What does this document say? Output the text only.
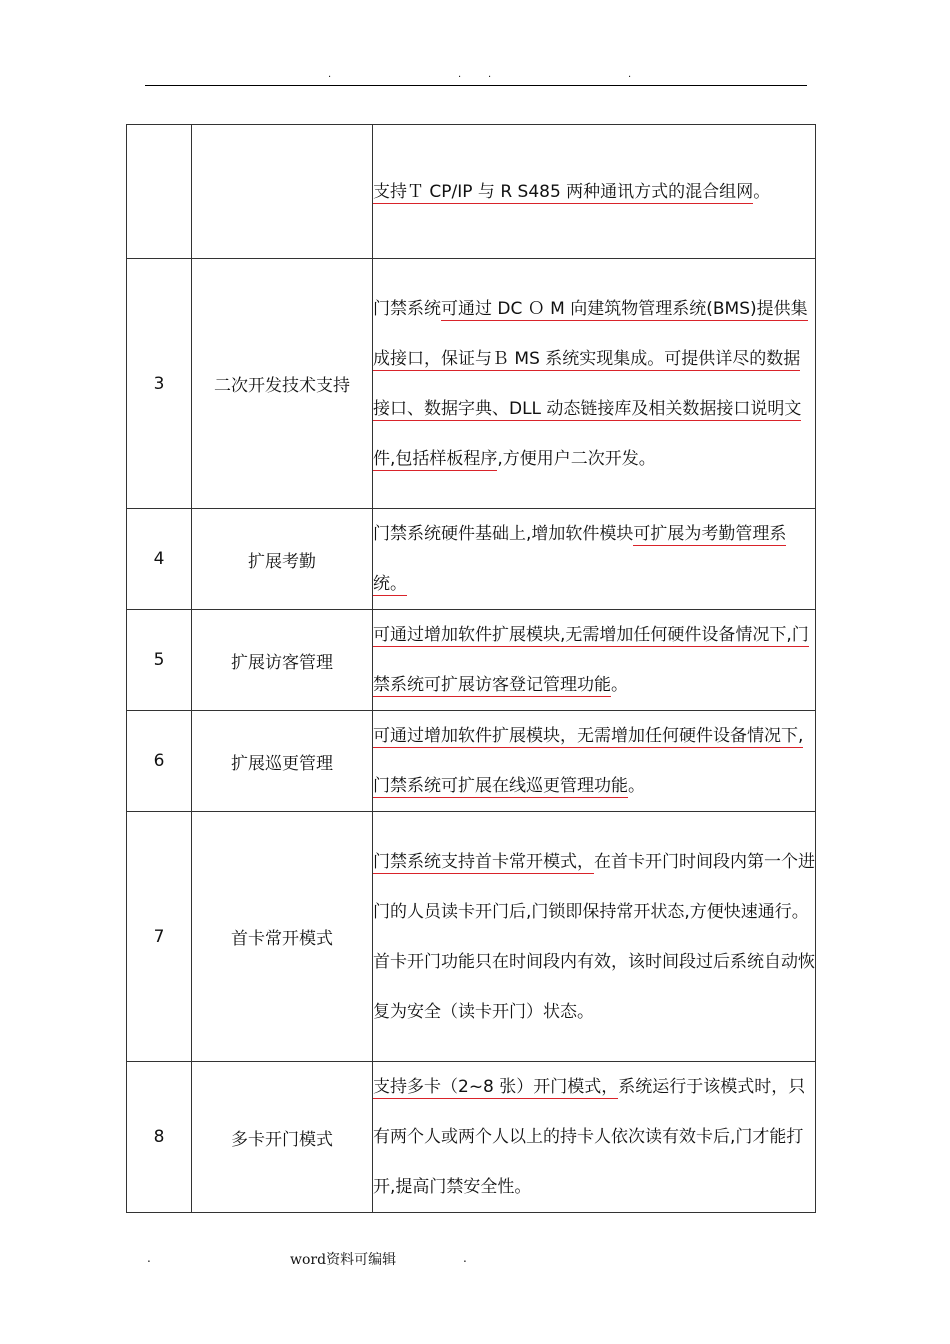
.	.	.	.
		支持Ｔ CP/IP 与 R S485 两种通讯方式的混合组网。
3	二次开发技术支持	门禁系统可通过 DC Ｏ M 向建筑物管理系统(BMS)提供集成接口，保证与Ｂ MS 系统实现集成。可提供详尽的数据接口、数据字典、DLL 动态链接库及相关数据接口说明文件,包括样板程序,方便用户二次开发。
4	扩展考勤	门禁系统硬件基础上,增加软件模块可扩展为考勤管理系统。
5	扩展访客管理	可通过增加软件扩展模块,无需增加任何硬件设备情况下,门禁系统可扩展访客登记管理功能。
6	扩展巡更管理	可通过增加软件扩展模块，无需增加任何硬件设备情况下,门禁系统可扩展在线巡更管理功能。
7	首卡常开模式	门禁系统支持首卡常开模式，在首卡开门时间段内第一个进门的人员读卡开门后,门锁即保持常开状态,方便快速通行。首卡开门功能只在时间段内有效，该时间段过后系统自动恢复为安全（读卡开门）状态。
8	多卡开门模式	支持多卡（2~8 张）开门模式，系统运行于该模式时，只有两个人或两个人以上的持卡人依次读有效卡后,门才能打开,提高门禁安全性。
.	word资料可编辑	.
